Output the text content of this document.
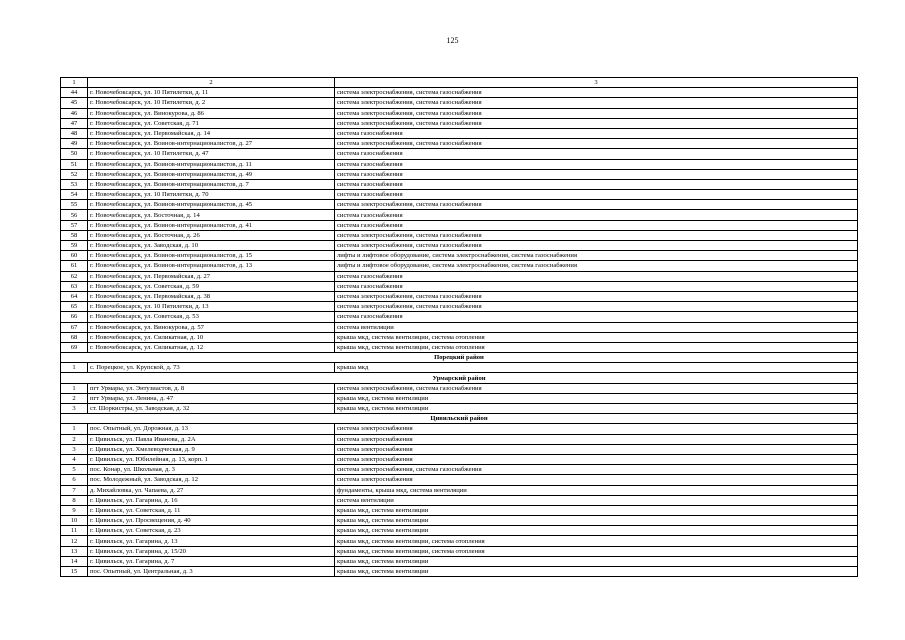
125
1	2	3
44	г. Новочебоксарск, ул. 10 Пятилетки, д. 11	система электроснабжения, система газоснабжения
45	г. Новочебоксарск, ул. 10 Пятилетки, д. 2	система электроснабжения, система газоснабжения
46	г. Новочебоксарск, ул. Винокурова, д. 86	система электроснабжения, система газоснабжения
47	г. Новочебоксарск, ул. Советская, д. 71	система электроснабжения, система газоснабжения
48	г. Новочебоксарск, ул. Первомайская, д. 14	система газоснабжения
49	г. Новочебоксарск, ул. Воинов-интернационалистов, д. 27	система электроснабжения, система газоснабжения
50	г. Новочебоксарск, ул. 10 Пятилетки, д. 47	система газоснабжения
51	г. Новочебоксарск, ул. Воинов-интернационалистов, д. 11	система газоснабжения
52	г. Новочебоксарск, ул. Воинов-интернационалистов, д. 49	система газоснабжения
53	г. Новочебоксарск, ул. Воинов-интернационалистов, д. 7	система газоснабжения
54	г. Новочебоксарск, ул. 10 Пятилетки, д. 70	система газоснабжения
55	г. Новочебоксарск, ул. Воинов-интернационалистов, д. 45	система электроснабжения, система газоснабжения
56	г. Новочебоксарск, ул. Восточная, д. 14	система газоснабжения
57	г. Новочебоксарск, ул. Воинов-интернационалистов, д. 41	система газоснабжения
58	г. Новочебоксарск, ул. Восточная, д. 26	система электроснабжения, система газоснабжения
59	г. Новочебоксарск, ул. Заводская, д. 10	система электроснабжения, система газоснабжения
60	г. Новочебоксарск, ул. Воинов-интернационалистов, д. 15	лифты и лифтовое оборудование, система электроснабжения, система газоснабжения
61	г. Новочебоксарск, ул. Воинов-интернационалистов, д. 13	лифты и лифтовое оборудование, система электроснабжения, система газоснабжения
62	г. Новочебоксарск, ул. Первомайская, д. 27	система газоснабжения
63	г. Новочебоксарск, ул. Советская, д. 59	система газоснабжения
64	г. Новочебоксарск, ул. Первомайская, д. 38	система электроснабжения, система газоснабжения
65	г. Новочебоксарск, ул. 10 Пятилетки, д. 13	система электроснабжения, система газоснабжения
66	г. Новочебоксарск, ул. Советская, д. 53	система газоснабжения
67	г. Новочебоксарск, ул. Винокурова, д. 57	система вентиляции
68	г. Новочебоксарск, ул. Силикатная, д. 10	крыша мкд, система вентиляции, система отопления
69	г. Новочебоксарск, ул. Силикатная, д. 12	крыша мкд, система вентиляции, система отопления
Порецкий район		
1	с. Порецкое, ул. Крупской, д. 73	крыша мкд
Урмарский район		
1	пгт Урмары, ул. Энтузиастов, д. 8	система электроснабжения, система газоснабжения
2	пгт Урмары, ул. Ленина, д. 47	крыша мкд, система вентиляции
3	ст. Шоркистры, ул. Заводская, д. 32	крыша мкд, система вентиляции
Цивильский район		
1	пос. Опытный, ул. Дорожная, д. 13	система электроснабжения
2	г. Цивильск, ул. Павла Иванова, д. 2А	система электроснабжения
3	г. Цивильск, ул. Хмелеводческая, д. 9	система электроснабжения
4	г. Цивильск, ул. Юбилейная, д. 13, корп. 1	система электроснабжения
5	пос. Конар, ул. Школьная, д. 3	система электроснабжения, система газоснабжения
6	пос. Молодежный, ул. Заводская, д. 12	система электроснабжения
7	д. Михайловка, ул. Чапаева, д. 27	фундаменты, крыша мкд, система вентиляции
8	г. Цивильск, ул. Гагарина, д. 16	система вентиляции
9	г. Цивильск, ул. Советская, д. 11	крыша мкд, система вентиляции
10	г. Цивильск, ул. Просвещения, д. 40	крыша мкд, система вентиляции
11	г. Цивильск, ул. Советская, д. 23	крыша мкд, система вентиляции
12	г. Цивильск, ул. Гагарина, д. 13	крыша мкд, система вентиляции, система отопления
13	г. Цивильск, ул. Гагарина, д. 15/20	крыша мкд, система вентиляции, система отопления
14	г. Цивильск, ул. Гагарина, д. 7	крыша мкд, система вентиляции
15	пос. Опытный, ул. Центральная, д. 3	крыша мкд, система вентиляции
